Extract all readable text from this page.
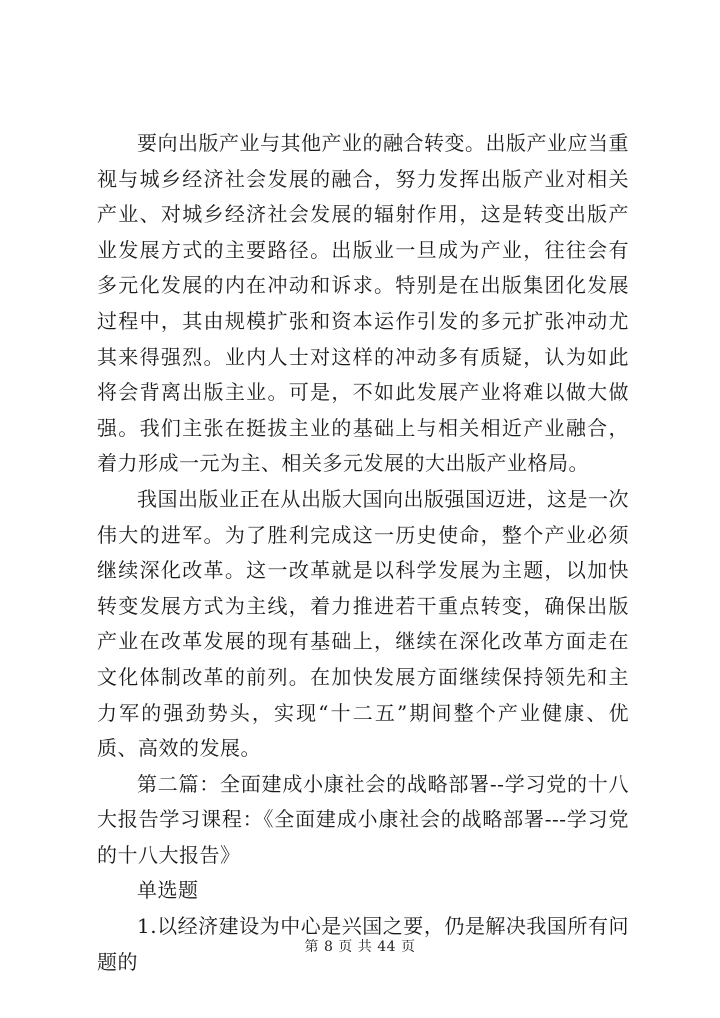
要向出版产业与其他产业的融合转变。出版产业应当重视与城乡经济社会发展的融合，努力发挥出版产业对相关产业、对城乡经济社会发展的辐射作用，这是转变出版产业发展方式的主要路径。出版业一旦成为产业，往往会有多元化发展的内在冲动和诉求。特别是在出版集团化发展过程中，其由规模扩张和资本运作引发的多元扩张冲动尤其来得强烈。业内人士对这样的冲动多有质疑，认为如此将会背离出版主业。可是，不如此发展产业将难以做大做强。我们主张在挺拔主业的基础上与相关相近产业融合，着力形成一元为主、相关多元发展的大出版产业格局。

我国出版业正在从出版大国向出版强国迈进，这是一次伟大的进军。为了胜利完成这一历史使命，整个产业必须继续深化改革。这一改革就是以科学发展为主题，以加快转变发展方式为主线，着力推进若干重点转变，确保出版产业在改革发展的现有基础上，继续在深化改革方面走在文化体制改革的前列。在加快发展方面继续保持领先和主力军的强劲势头，实现“十二五”期间整个产业健康、优质、高效的发展。

第二篇：全面建成小康社会的战略部署--学习党的十八大报告学习课程：《全面建成小康社会的战略部署---学习党的十八大报告》

单选题

1.以经济建设为中心是兴国之要，仍是解决我国所有问题的

第 8 页 共 44 页
